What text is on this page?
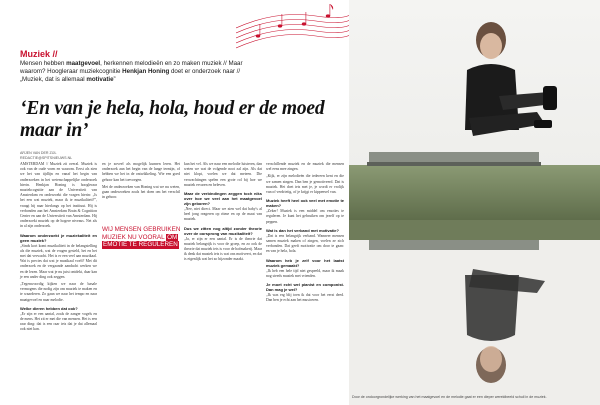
Muziek //
Mensen hebben maatgevoel, herkennen melodieën en zo maken muziek // Maar waarom? Hoogleraar muziekcognitie Henkjan Honing doet er onderzoek naar // „Muziek, dat is allemaal motivatie”
‘En van je hela, hola, houd er de moed maar in’
ARJEN VAN DER ZIJL
REDACTIE@SPITSNIEUWS.NL

AMSTERDAM // Muziek zit overal. Muziek is ook van de oude vorm en waarom. Eerst als zien we het van tijdlijn en vanaf het begin van onderzoeken in het wetenschappelijke onderzoek hierin. Henkjan Honing is hoogleraar muziekcognitie aan de Universiteit van Amsterdam en onderzoekt die vragen hierin: „Is het een wat muziek, maar ik te muzikaliteit?”, vraagt hij naar hierlangs op het instituut. Hij is verbonden aan het Amsterdam Brain & Cognition Center en aan de Universiteit van Amsterdam. Hij onderzoekt muziek op de hogere niveaus. Net als in al zijn onderzoek.

Waarom onderzoekt je muziekaliteit en geen muziek?

„Sinds kort komt muzikaliteit in de belangstelling als die muziek, wat de vragen gesteld, het en het met dat verwacht. Het is er een veel aan muzikaal. Wat is precies dat wat je muzikaal voelt? Met dit onderzoek en de vergaande aandacht werken we en de lezen. Maar wat je nu juist ontdekt, daar kan je een ander ding ook zeggen.

„Tegenwoordig kijken we naar de basale vermogens die nodig zijn om muziek te maken en te waarderen. Zo gaan we naar het tempo en naar maatgevoel en naar melodie.

Welke dieren hebben dat ook?

„Er zijn er een aantal, zoals de zanger vogels en de mens. Het zit er met die van mensen. Het is een raar ding: dat is een raar iets dat je dat allemaal ook niet kan.

en je zoveel als mogelijk kunnen leren. Het onderzoek aan het begin van de lange termijn, of hebben we het in de ontwikkeling. Wie een goed gehoor kan het toevoegen.

Met de onderzoeken van Honing wat we nu weten, gaan onderzoeken zoals het doen om het verschil in gehoor.

kan het vel. Als we naar een melodie luisteren, dan weten we wat de volgende noot zal zijn. Als dat niet klopt, voelen we dat meteen. Die verwachtingen spelen een grote rol bij hoe we muziek ervaren en beleven.

Maar de verbindingen zeggen toch niks over hoe we veel aan het maatgevoel zijn geboren?

„Nee, niet direct. Maar we zien wel dat baby's al heel jong reageren op ritme en op de maat van muziek.

Dus we zitten nog altijd zonder theorie over de oorsprong van muzikaliteit?

„Ja, er zijn er een aantal. Er is de theorie dat muziek belangrijk is voor de groep, en zo ook de theorie dat muziek iets is voor de hofmakerij. Maar ik denk dat muziek iets is wat ons motiveert, en dat is eigenlijk wat het zo bijzonder maakt.

verschillende muziek en de muziek die mensen wel eens mee zingen.

„Kijk, er zijn melodieën die iedereen kent en die we samen zingen. Dan ben je gemotiveerd. Dat is muziek. Het doet iets met je, je wordt er vrolijk van of verdrietig, of je krijgt er kippenvel van.

Muziek heeft heel ook veel met emotie te maken?

„Zeker! Muziek is een middel om emoties te reguleren. Je kunt het gebruiken om jezelf op te peppen.

Wat is dan het verband met motivatie?

„Dat is een belangrijk verband. Wanneer mensen samen muziek maken of zingen, voelen ze zich verbonden. Dat geeft motivatie om door te gaan: en van je hela, hola.

Waarom heb je zelf voor het laatst muziek gemaakt?

„Ik heb een hele tijd niet gespeeld, maar ik maak nog steeds muziek met vrienden.

Je moet echt wel pianist en componist. Dan mag je wel?

„Ik was erg blij toen ik dat voor het eerst deed. Dan ben je echt aan het musiceren.

WIJ MENSEN GEBRUIKEN
MUZIEK NU VOORAL OM
EMOTIE TE REGULEREN
Door de ondoorgrondelijke werking van het maatgevoel en de melodie gaat er een dieper wereldbeeld schuil in de muziek.
